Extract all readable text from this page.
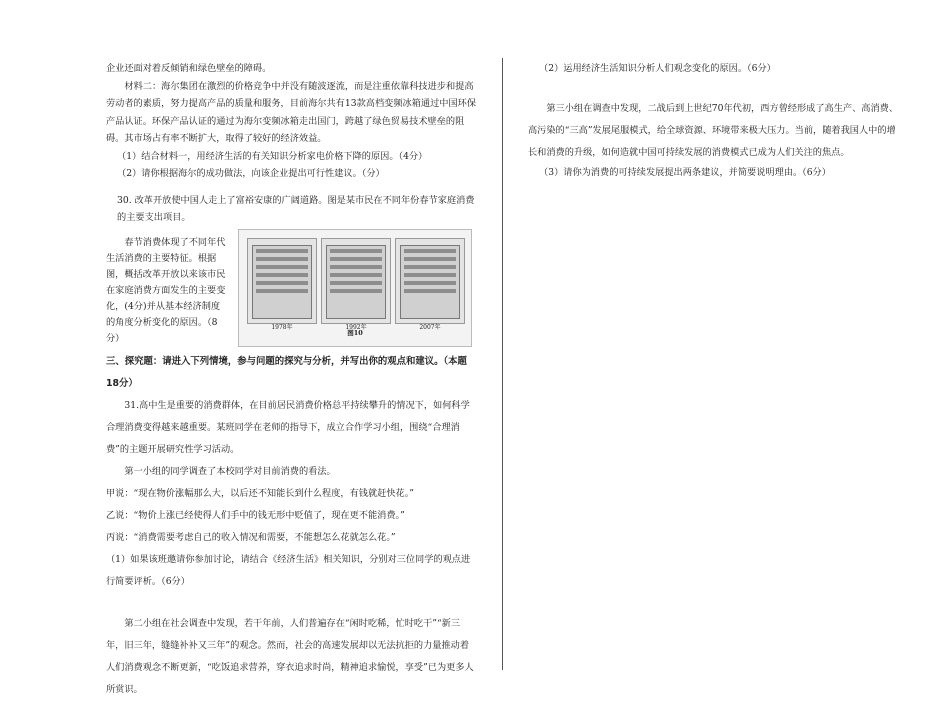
企业还面对着反倾销和绿色壁垒的障碍。

材料二：海尔集团在激烈的价格竞争中并没有随波逐流，而是注重依靠科技进步和提高劳动者的素质，努力提高产品的质量和服务，目前海尔共有13款高档变频冰箱通过中国环保产品认证。环保产品认证的通过为海尔变频冰箱走出国门，跨越了绿色贸易技术壁垒的阻碍。其市场占有率不断扩大，取得了较好的经济效益。

（1）结合材料一，用经济生活的有关知识分析家电价格下降的原因。（4分）

（2）请你根据海尔的成功做法，向该企业提出可行性建议。（分）

30. 改革开放使中国人走上了富裕安康的广阔道路。图是某市民在不同年份春节家庭消费的主要支出项目。

春节消费体现了不同年代生活消费的主要特征。根据图，概括改革开放以来该市民在家庭消费方面发生的主要变化，(4分)并从基本经济制度的角度分析变化的原因。（8分）

1978年	1992年	2007年
图10

三、探究题：请进入下列情境，参与问题的探究与分析，并写出你的观点和建议。（本题18分）

31.高中生是重要的消费群体，在目前居民消费价格总平持续攀升的情况下，如何科学合理消费变得越来越重要。某班同学在老师的指导下，成立合作学习小组，围绕“合理消费”的主题开展研究性学习活动。

第一小组的同学调查了本校同学对目前消费的看法。

甲说：“现在物价涨幅那么大，以后还不知能长到什么程度，有钱就赶快花。”

乙说：“物价上涨已经使得人们手中的钱无形中贬值了，现在更不能消费。”

丙说：“消费需要考虑自己的收入情况和需要，不能想怎么花就怎么花。”

（1）如果该班邀请你参加讨论，请结合《经济生活》相关知识，分别对三位同学的观点进行简要评析。（6分）

第二小组在社会调查中发现，若干年前，人们普遍存在“闲时吃稀，忙时吃干”“新三年，旧三年，缝缝补补又三年”的观念。然而，社会的高速发展却以无法抗拒的力量推动着人们消费观念不断更新，“吃饭追求营养，穿衣追求时尚，精神追求愉悦，享受”已为更多人所赏识。

（2）运用经济生活知识分析人们观念变化的原因。（6分）

第三小组在调查中发现，二战后到上世纪70年代初，西方曾经形成了高生产、高消费、高污染的“三高”发展尾服模式，给全球资源、环境带来极大压力。当前，随着我国人中的增长和消费的升级，如何造就中国可持续发展的消费模式已成为人们关注的焦点。

（3）请你为消费的可持续发展提出两条建议，并简要说明理由。（6分）
